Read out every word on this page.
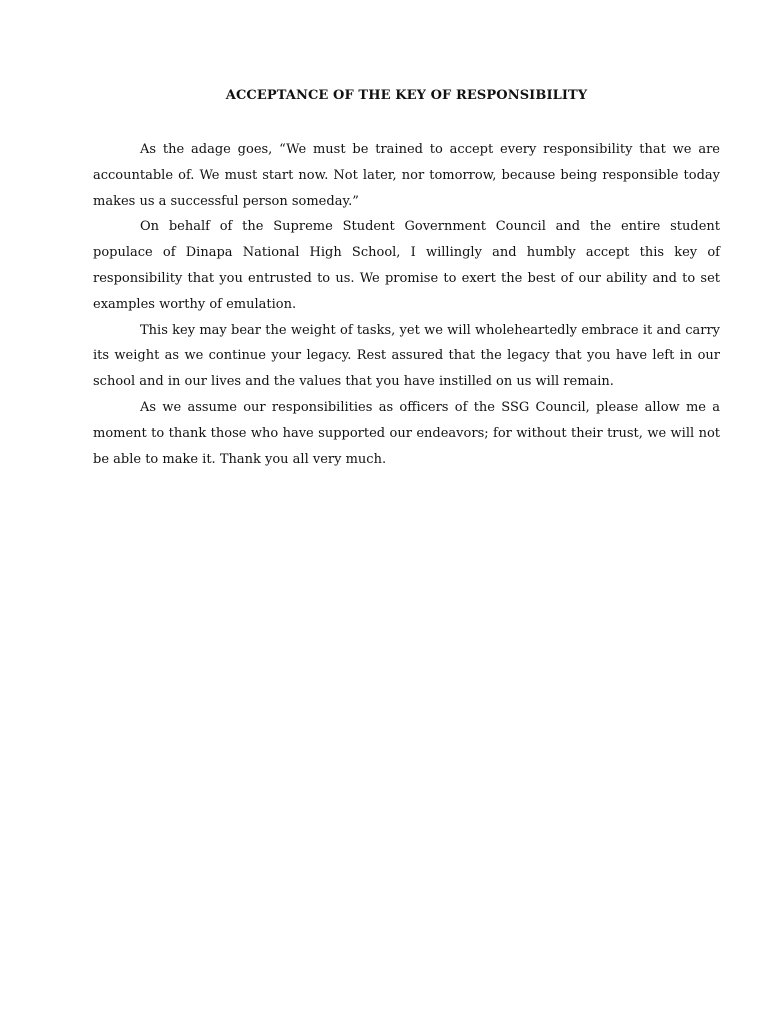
ACCEPTANCE OF THE KEY OF RESPONSIBILITY

As the adage goes, “We must be trained to accept every responsibility that we are accountable of. We must start now. Not later, nor tomorrow, because being responsible today makes us a successful person someday.”

On behalf of the Supreme Student Government Council and the entire student populace of Dinapa National High School, I willingly and humbly accept this key of responsibility that you entrusted to us. We promise to exert the best of our ability and to set examples worthy of emulation.

This key may bear the weight of tasks, yet we will wholeheartedly embrace it and carry its weight as we continue your legacy. Rest assured that the legacy that you have left in our school and in our lives and the values that you have instilled on us will remain.

As we assume our responsibilities as officers of the SSG Council, please allow me a moment to thank those who have supported our endeavors; for without their trust, we will not be able to make it. Thank you all very much.
